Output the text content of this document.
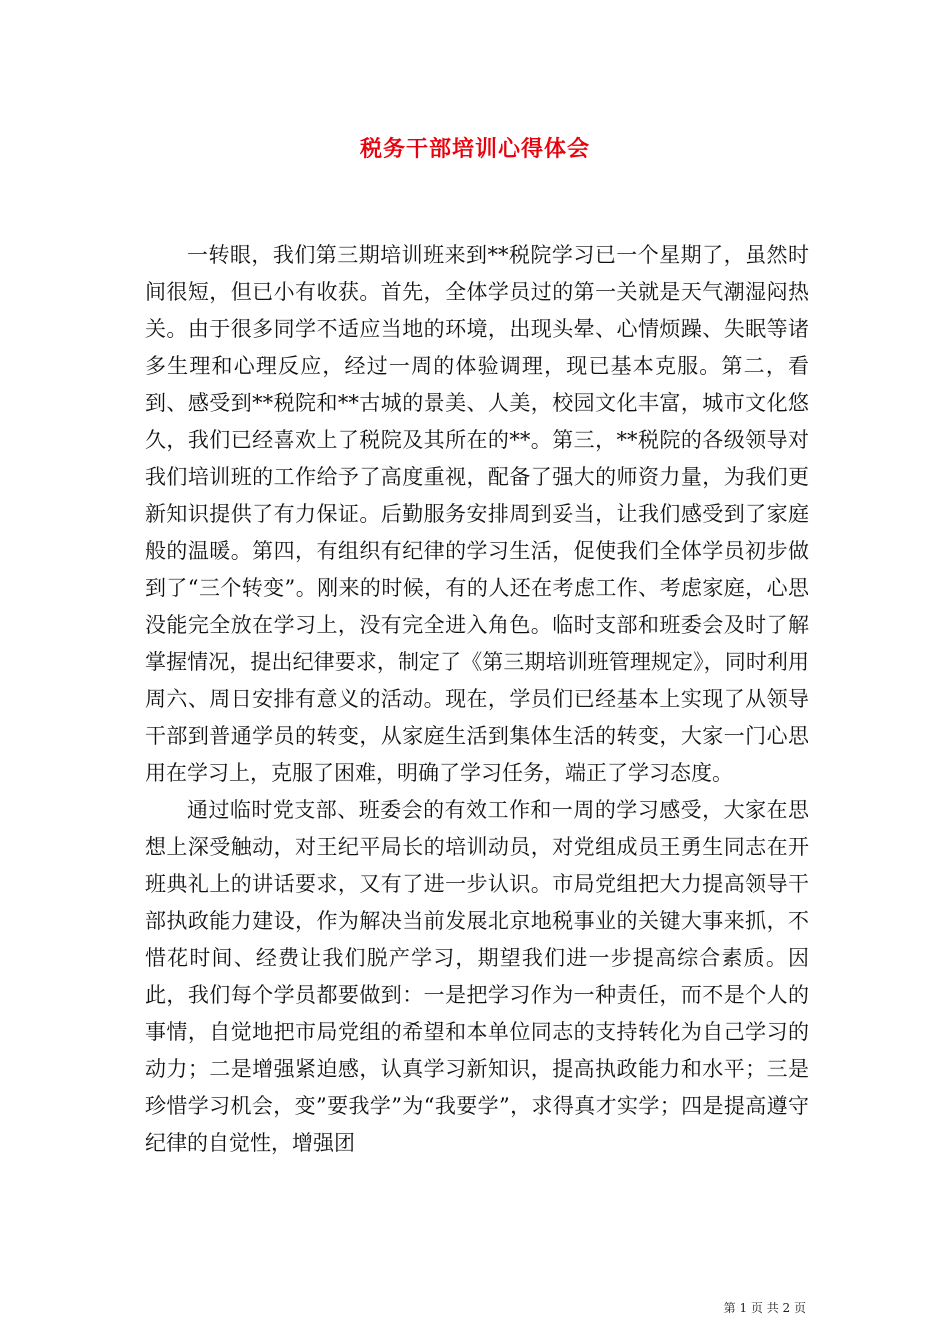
税务干部培训心得体会

一转眼，我们第三期培训班来到**税院学习已一个星期了，虽然时间很短，但已小有收获。首先，全体学员过的第一关就是天气潮湿闷热关。由于很多同学不适应当地的环境，出现头晕、心情烦躁、失眠等诸多生理和心理反应，经过一周的体验调理，现已基本克服。第二，看到、感受到**税院和**古城的景美、人美，校园文化丰富，城市文化悠久，我们已经喜欢上了税院及其所在的**。第三，**税院的各级领导对我们培训班的工作给予了高度重视，配备了强大的师资力量，为我们更新知识提供了有力保证。后勤服务安排周到妥当，让我们感受到了家庭般的温暖。第四，有组织有纪律的学习生活，促使我们全体学员初步做到了“三个转变”。刚来的时候，有的人还在考虑工作、考虑家庭，心思没能完全放在学习上，没有完全进入角色。临时支部和班委会及时了解掌握情况，提出纪律要求，制定了《第三期培训班管理规定》，同时利用周六、周日安排有意义的活动。现在，学员们已经基本上实现了从领导干部到普通学员的转变，从家庭生活到集体生活的转变，大家一门心思用在学习上，克服了困难，明确了学习任务，端正了学习态度。

通过临时党支部、班委会的有效工作和一周的学习感受，大家在思想上深受触动，对王纪平局长的培训动员，对党组成员王勇生同志在开班典礼上的讲话要求，又有了进一步认识。市局党组把大力提高领导干部执政能力建设，作为解决当前发展北京地税事业的关键大事来抓，不惜花时间、经费让我们脱产学习，期望我们进一步提高综合素质。因此，我们每个学员都要做到：一是把学习作为一种责任，而不是个人的事情，自觉地把市局党组的希望和本单位同志的支持转化为自己学习的动力；二是增强紧迫感，认真学习新知识，提高执政能力和水平；三是珍惜学习机会，变”要我学”为“我要学”，求得真才实学；四是提高遵守纪律的自觉性，增强团

第 1 页 共 2 页
